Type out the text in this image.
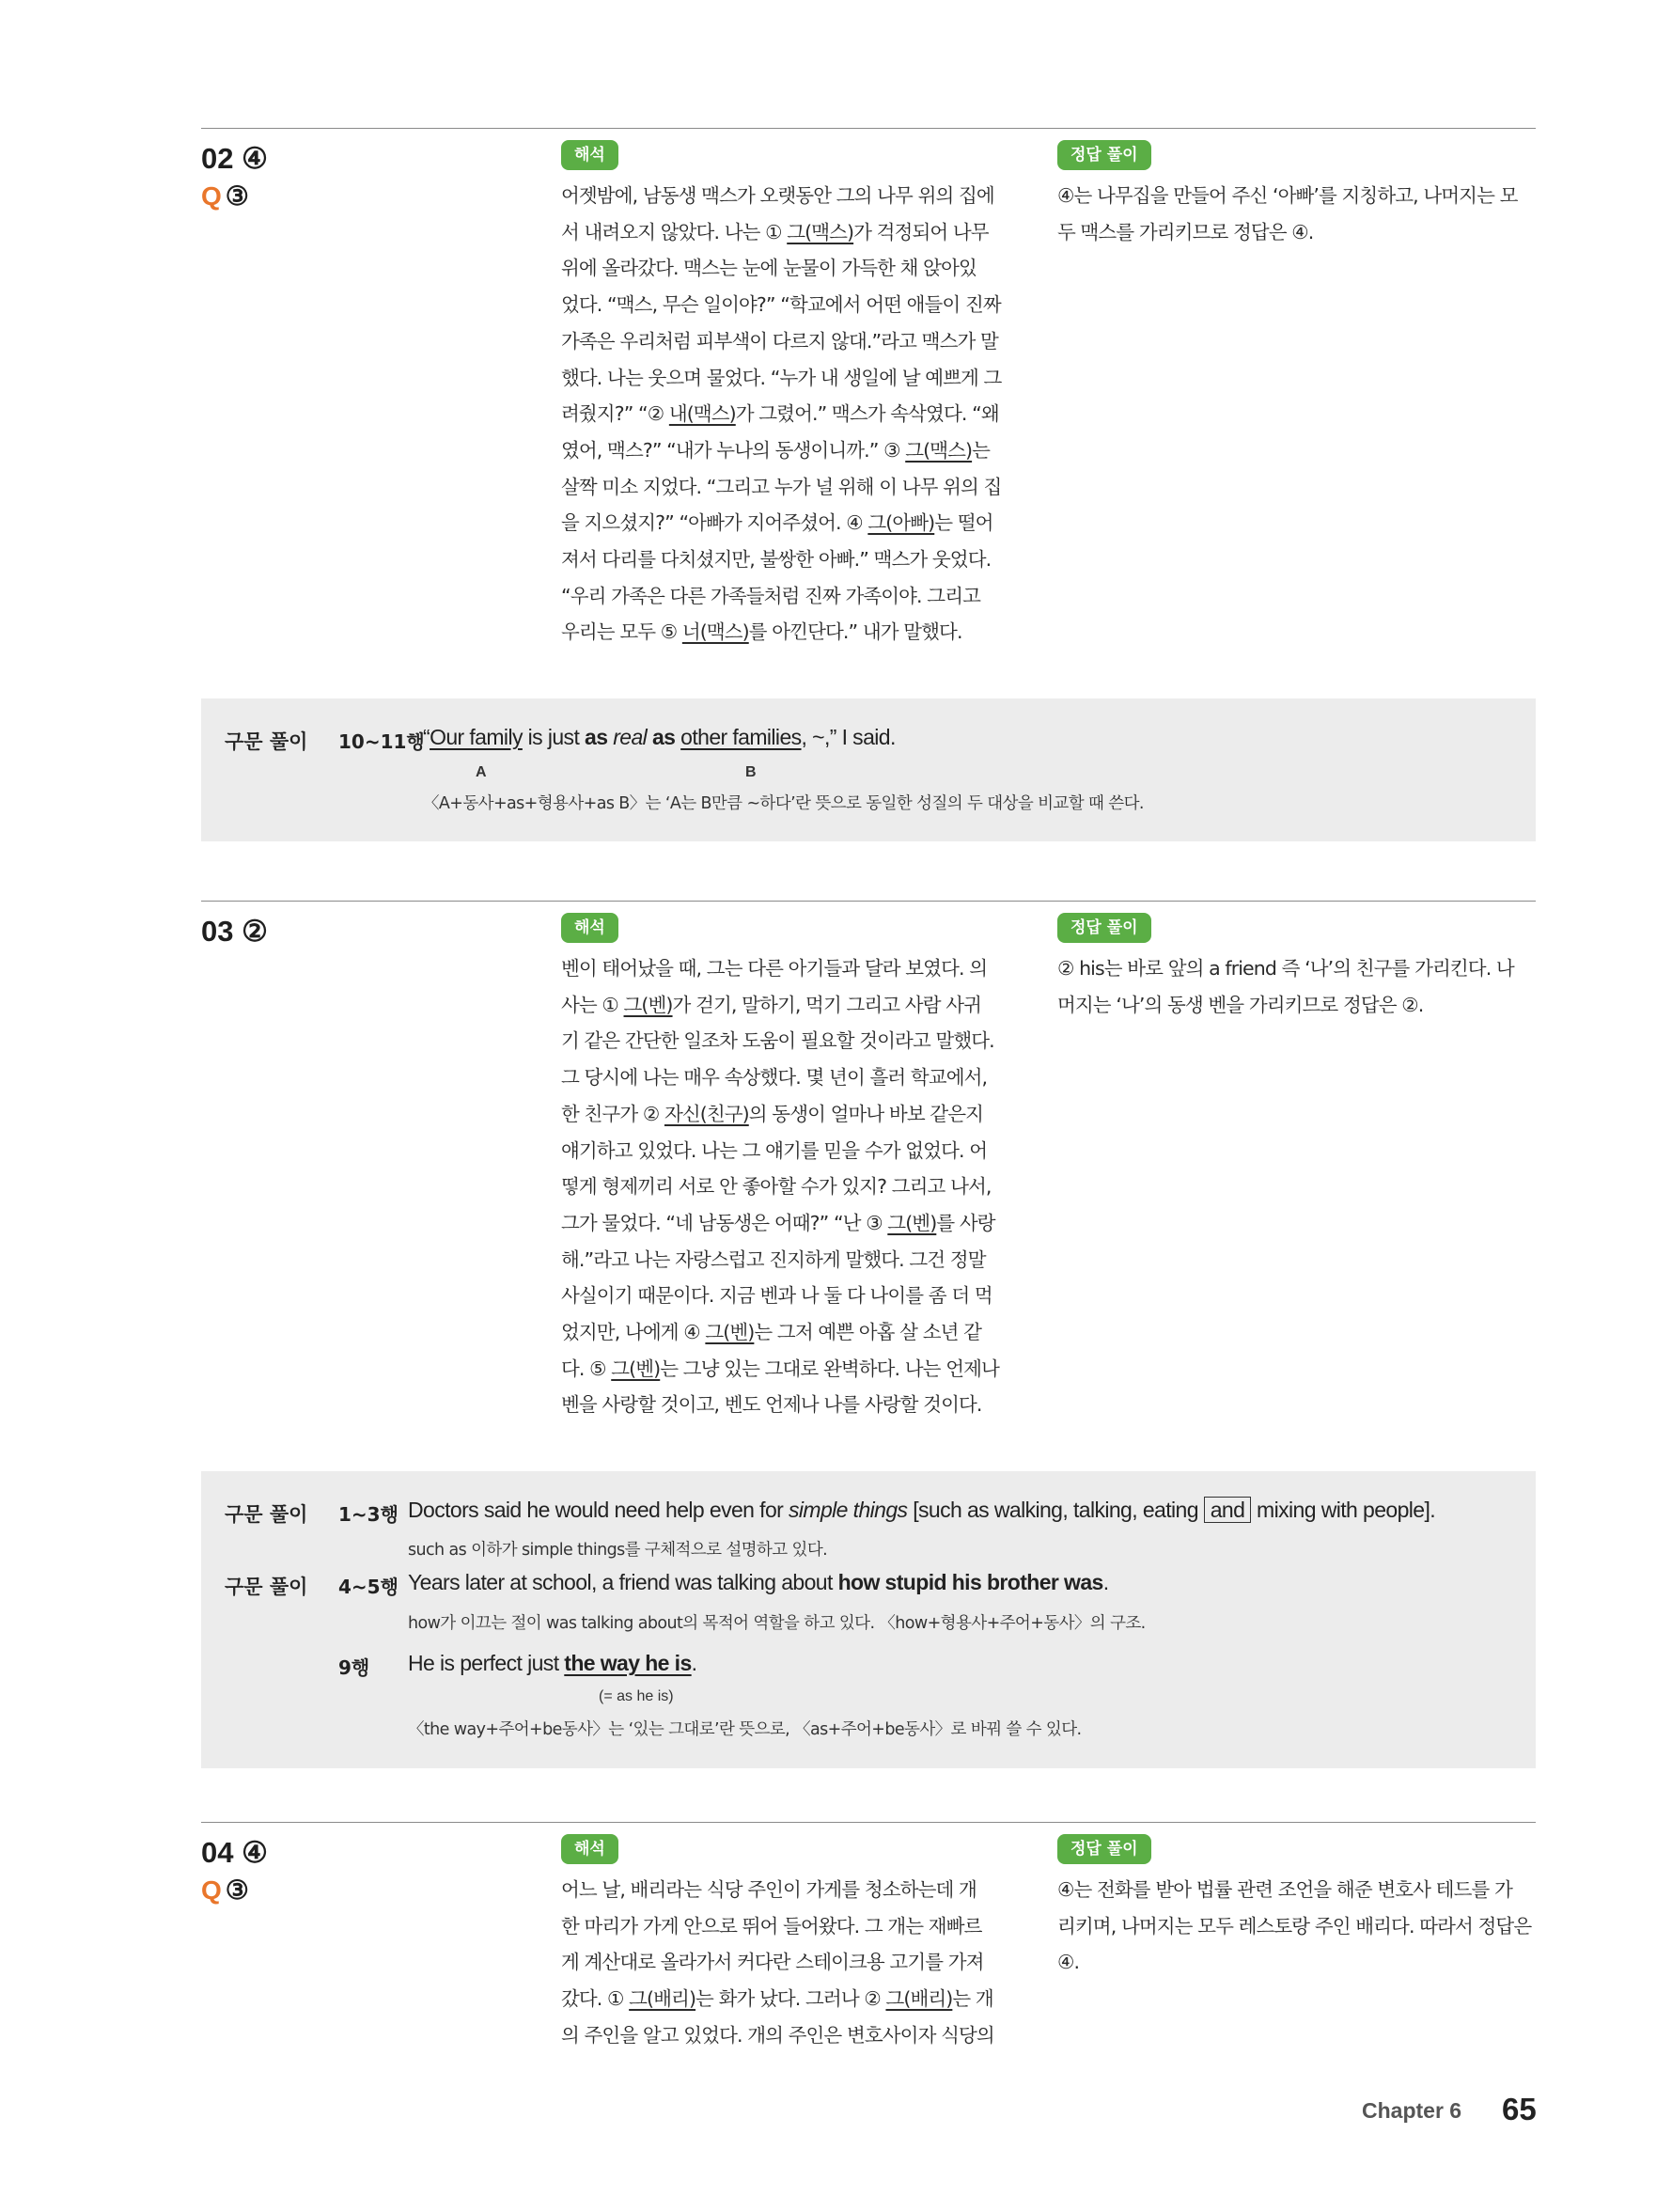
02 ④
Q ③
해석	정답 풀이

어젯밤에, 남동생 맥스가 오랫동안 그의 나무 위의 집에

서 내려오지 않았다. 나는 ① 그(맥스)가 걱정되어 나무

위에 올라갔다. 맥스는 눈에 눈물이 가득한 채 앉아있

었다. “맥스, 무슨 일이야?” “학교에서 어떤 애들이 진짜

가족은 우리처럼 피부색이 다르지 않대.”라고 맥스가 말

했다. 나는 웃으며 물었다. “누가 내 생일에 날 예쁘게 그

려줬지?” “② 내(맥스)가 그렸어.” 맥스가 속삭였다. “왜

였어, 맥스?” “내가 누나의 동생이니까.” ③ 그(맥스)는

살짝 미소 지었다. “그리고 누가 널 위해 이 나무 위의 집

을 지으셨지?” “아빠가 지어주셨어. ④ 그(아빠)는 떨어

져서 다리를 다치셨지만, 불쌍한 아빠.” 맥스가 웃었다.

“우리 가족은 다른 가족들처럼 진짜 가족이야. 그리고

우리는 모두 ⑤ 너(맥스)를 아낀단다.” 내가 말했다.

④는 나무집을 만들어 주신 ‘아빠’를 지칭하고, 나머지는 모

두 맥스를 가리키므로 정답은 ④.

구문 풀이 10~11행
“Our family is just as real as other families, ~,” I said.
A	B
〈A+동사+as+형용사+as B〉는 ‘A는 B만큼 ~하다’란 뜻으로 동일한 성질의 두 대상을 비교할 때 쓴다.
03 ②	해석	정답 풀이

벤이 태어났을 때, 그는 다른 아기들과 달라 보였다. 의

사는 ① 그(벤)가 걷기, 말하기, 먹기 그리고 사람 사귀

기 같은 간단한 일조차 도움이 필요할 것이라고 말했다.

그 당시에 나는 매우 속상했다. 몇 년이 흘러 학교에서,

한 친구가 ② 자신(친구)의 동생이 얼마나 바보 같은지

얘기하고 있었다. 나는 그 얘기를 믿을 수가 없었다. 어

떻게 형제끼리 서로 안 좋아할 수가 있지? 그리고 나서,

그가 물었다. “네 남동생은 어때?” “난 ③ 그(벤)를 사랑

해.”라고 나는 자랑스럽고 진지하게 말했다. 그건 정말

사실이기 때문이다. 지금 벤과 나 둘 다 나이를 좀 더 먹

었지만, 나에게 ④ 그(벤)는 그저 예쁜 아홉 살 소년 같

다. ⑤ 그(벤)는 그냥 있는 그대로 완벽하다. 나는 언제나

벤을 사랑할 것이고, 벤도 언제나 나를 사랑할 것이다.

② his는 바로 앞의 a friend 즉 ‘나’의 친구를 가리킨다. 나

머지는 ‘나’의 동생 벤을 가리키므로 정답은 ②.

구문 풀이 1~3행 Doctors said he would need help even for simple things [such as walking, talking, eating and mixing with people].
such as 이하가 simple things를 구체적으로 설명하고 있다.
구문 풀이 4~5행 Years later at school, a friend was talking about how stupid his brother was.
how가 이끄는 절이 was talking about의 목적어 역할을 하고 있다. 〈how+형용사+주어+동사〉의 구조.
9행 He is perfect just the way he is.
(= as he is)
〈the way+주어+be동사〉는 ‘있는 그대로’란 뜻으로, 〈as+주어+be동사〉로 바꿔 쓸 수 있다.
04 ④
Q ③
해석	정답 풀이

어느 날, 배리라는 식당 주인이 가게를 청소하는데 개

한 마리가 가게 안으로 뛰어 들어왔다. 그 개는 재빠르

게 계산대로 올라가서 커다란 스테이크용 고기를 가져

갔다. ① 그(배리)는 화가 났다. 그러나 ② 그(배리)는 개

의 주인을 알고 있었다. 개의 주인은 변호사이자 식당의

④는 전화를 받아 법률 관련 조언을 해준 변호사 테드를 가

리키며, 나머지는 모두 레스토랑 주인 배리다. 따라서 정답은

④.

Chapter 6 65
